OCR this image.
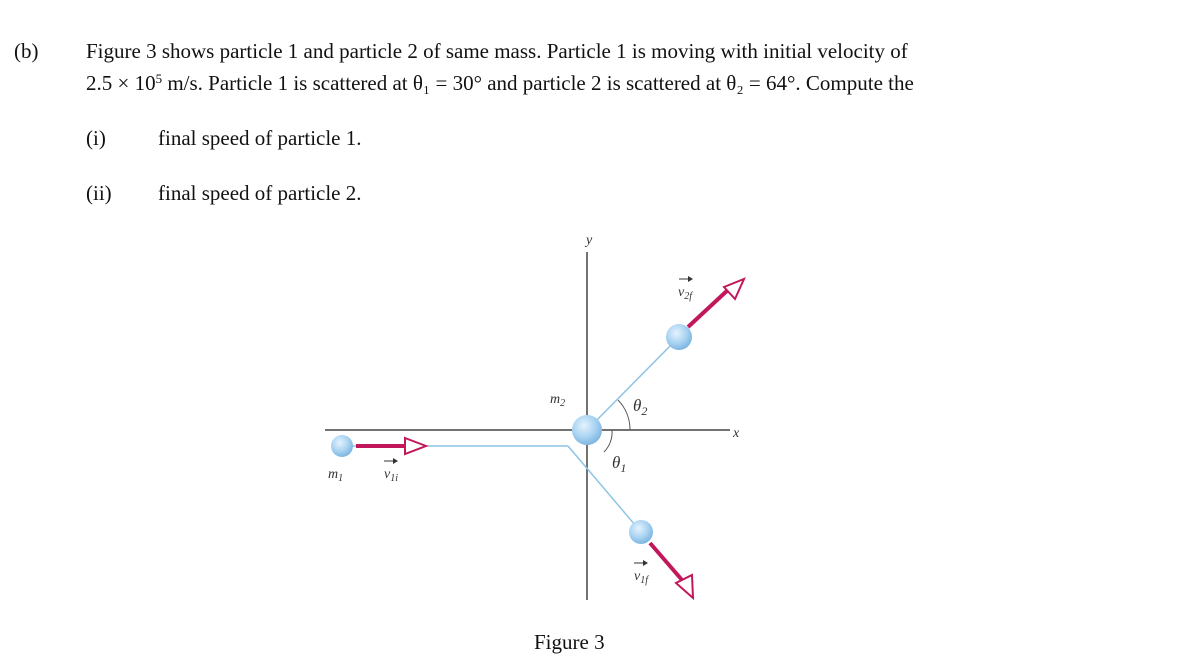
(b) Figure 3 shows particle 1 and particle 2 of same mass. Particle 1 is moving with initial velocity of
$2.5 \times 10^5$ m/s. Particle 1 is scattered at θ₁ = 30° and particle 2 is scattered at θ₂ = 64°. Compute the
(i) final speed of particle 1.
(ii) final speed of particle 2.
x
y
$\theta_2$
$\theta_1$
$m_1$	$v_{1i}$
$m_2$
$v_{2f}$
$v_{1f}$
Figure 3
